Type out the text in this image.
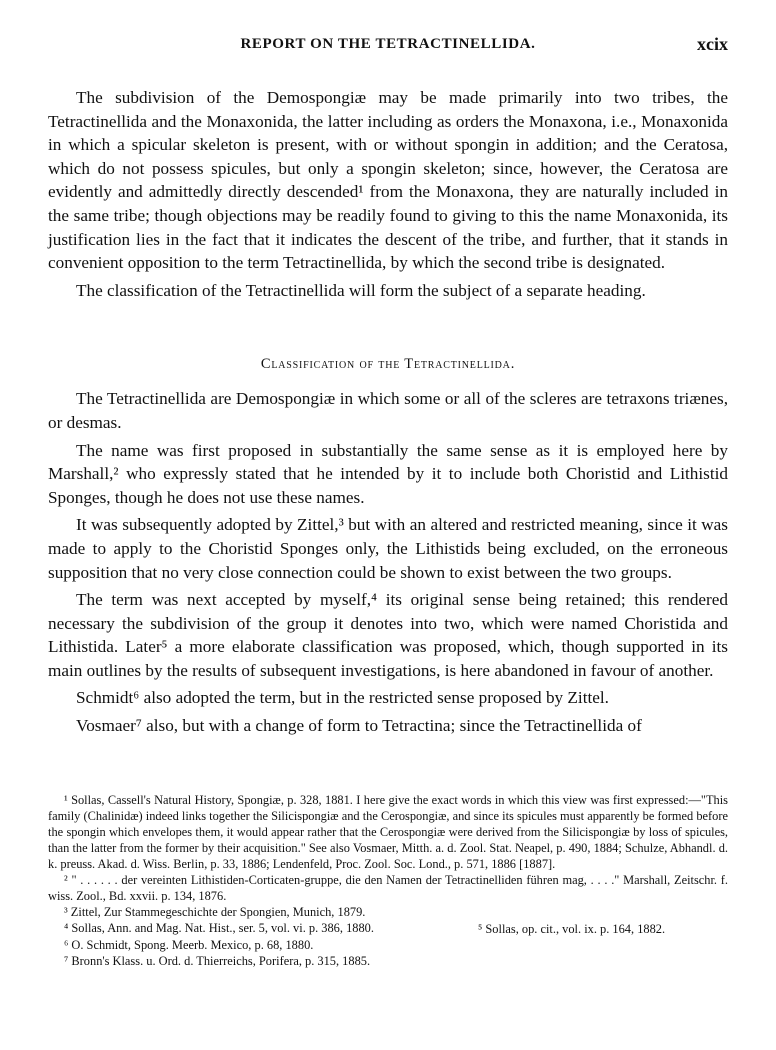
REPORT ON THE TETRACTINELLIDA.	xcix

The subdivision of the Demospongiæ may be made primarily into two tribes, the Tetractinellida and the Monaxonida, the latter including as orders the Monaxona, i.e., Monaxonida in which a spicular skeleton is present, with or without spongin in addition; and the Ceratosa, which do not possess spicules, but only a spongin skeleton; since, however, the Ceratosa are evidently and admittedly directly descended¹ from the Monaxona, they are naturally included in the same tribe; though objections may be readily found to giving to this the name Monaxonida, its justification lies in the fact that it indicates the descent of the tribe, and further, that it stands in convenient opposition to the term Tetractinellida, by which the second tribe is designated.

The classification of the Tetractinellida will form the subject of a separate heading.

Classification of the Tetractinellida.

The Tetractinellida are Demospongiæ in which some or all of the scleres are tetraxons triænes, or desmas.

The name was first proposed in substantially the same sense as it is employed here by Marshall,² who expressly stated that he intended by it to include both Choristid and Lithistid Sponges, though he does not use these names.

It was subsequently adopted by Zittel,³ but with an altered and restricted meaning, since it was made to apply to the Choristid Sponges only, the Lithistids being excluded, on the erroneous supposition that no very close connection could be shown to exist between the two groups.

The term was next accepted by myself,⁴ its original sense being retained; this rendered necessary the subdivision of the group it denotes into two, which were named Choristida and Lithistida. Later⁵ a more elaborate classification was proposed, which, though supported in its main outlines by the results of subsequent investigations, is here abandoned in favour of another.

Schmidt⁶ also adopted the term, but in the restricted sense proposed by Zittel.

Vosmaer⁷ also, but with a change of form to Tetractina; since the Tetractinellida of

¹ Sollas, Cassell's Natural History, Spongiæ, p. 328, 1881. I here give the exact words in which this view was first expressed:—"This family (Chalinidæ) indeed links together the Silicispongiæ and the Cerospongiæ, and since its spicules must apparently be formed before the spongin which envelopes them, it would appear rather that the Cerospongiæ were derived from the Silicispongiæ by loss of spicules, than the latter from the former by their acquisition." See also Vosmaer, Mitth. a. d. Zool. Stat. Neapel, p. 490, 1884; Schulze, Abhandl. d. k. preuss. Akad. d. Wiss. Berlin, p. 33, 1886; Lendenfeld, Proc. Zool. Soc. Lond., p. 571, 1886 [1887].

² " . . . . . . der vereinten Lithistiden-Corticaten-gruppe, die den Namen der Tetractinelliden führen mag, . . . ." Marshall, Zeitschr. f. wiss. Zool., Bd. xxvii. p. 134, 1876.

³ Zittel, Zur Stammegeschichte der Spongien, Munich, 1879.

⁴ Sollas, Ann. and Mag. Nat. Hist., ser. 5, vol. vi. p. 386, 1880.	⁵ Sollas, op. cit., vol. ix. p. 164, 1882.

⁶ O. Schmidt, Spong. Meerb. Mexico, p. 68, 1880.

⁷ Bronn's Klass. u. Ord. d. Thierreichs, Porifera, p. 315, 1885.
